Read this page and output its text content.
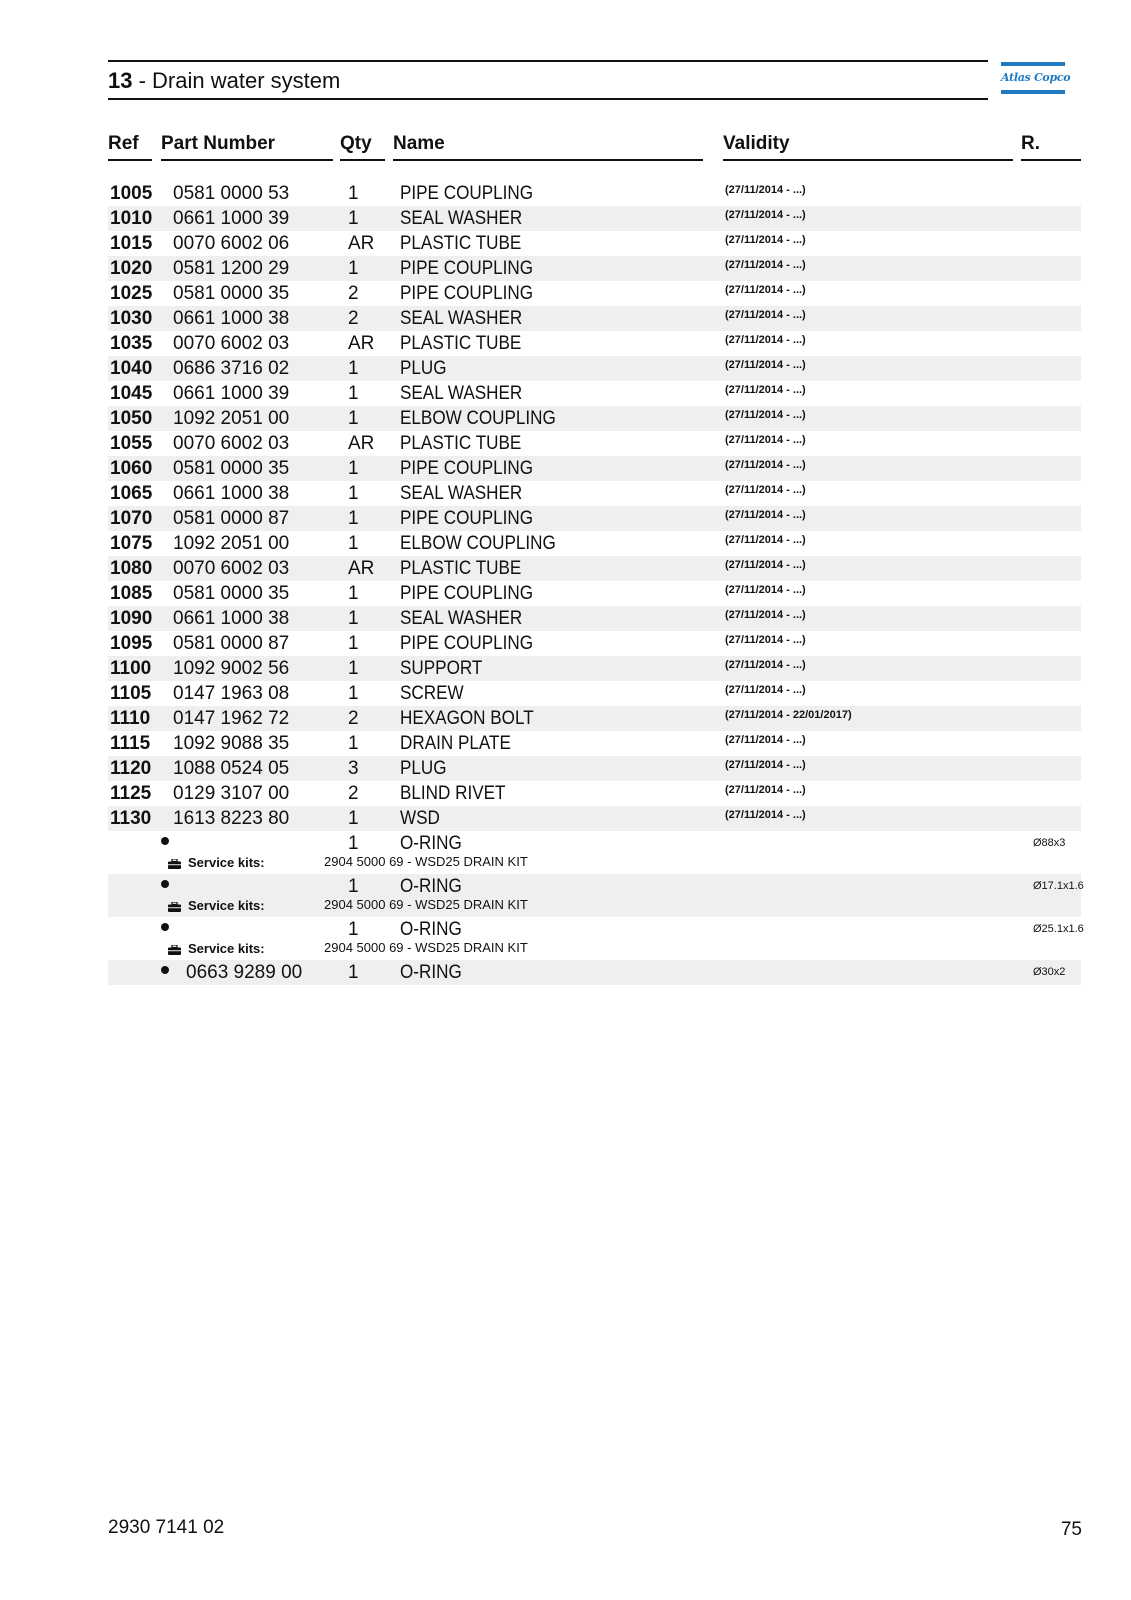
13 - Drain water system	Atlas Copco
Ref	Part Number	Qty	Name	Validity	R.
1005 0581 0000 53	1 PIPE COUPLING	(27/11/2014 - ...)
1010 0661 1000 39	1 SEAL WASHER	(27/11/2014 - ...)
1015 0070 6002 06	AR PLASTIC TUBE	(27/11/2014 - ...)
1020 0581 1200 29	1 PIPE COUPLING	(27/11/2014 - ...)
1025 0581 0000 35	2 PIPE COUPLING	(27/11/2014 - ...)
1030 0661 1000 38	2 SEAL WASHER	(27/11/2014 - ...)
1035 0070 6002 03	AR PLASTIC TUBE	(27/11/2014 - ...)
1040 0686 3716 02	1 PLUG	(27/11/2014 - ...)
1045 0661 1000 39	1 SEAL WASHER	(27/11/2014 - ...)
1050 1092 2051 00	1 ELBOW COUPLING	(27/11/2014 - ...)
1055 0070 6002 03	AR PLASTIC TUBE	(27/11/2014 - ...)
1060 0581 0000 35	1 PIPE COUPLING	(27/11/2014 - ...)
1065 0661 1000 38	1 SEAL WASHER	(27/11/2014 - ...)
1070 0581 0000 87	1 PIPE COUPLING	(27/11/2014 - ...)
1075 1092 2051 00	1 ELBOW COUPLING	(27/11/2014 - ...)
1080 0070 6002 03	AR PLASTIC TUBE	(27/11/2014 - ...)
1085 0581 0000 35	1 PIPE COUPLING	(27/11/2014 - ...)
1090 0661 1000 38	1 SEAL WASHER	(27/11/2014 - ...)
1095 0581 0000 87	1 PIPE COUPLING	(27/11/2014 - ...)
1100 1092 9002 56	1 SUPPORT	(27/11/2014 - ...)
1105 0147 1963 08	1 SCREW	(27/11/2014 - ...)
1110 0147 1962 72	2 HEXAGON BOLT	(27/11/2014 - 22/01/2017)
1115 1092 9088 35	1 DRAIN PLATE	(27/11/2014 - ...)
1120 1088 0524 05	3 PLUG	(27/11/2014 - ...)
1125 0129 3107 00	2 BLIND RIVET	(27/11/2014 - ...)
1130 1613 8223 80	1 WSD	(27/11/2014 - ...)
1 O-RING	Ø88x3
Service kits:	2904 5000 69 - WSD25 DRAIN KIT
1 O-RING	Ø17.1x1.6
Service kits:	2904 5000 69 - WSD25 DRAIN KIT
1 O-RING	Ø25.1x1.6
Service kits:	2904 5000 69 - WSD25 DRAIN KIT
0663 9289 00 1 O-RING	Ø30x2
2930 7141 02	75
